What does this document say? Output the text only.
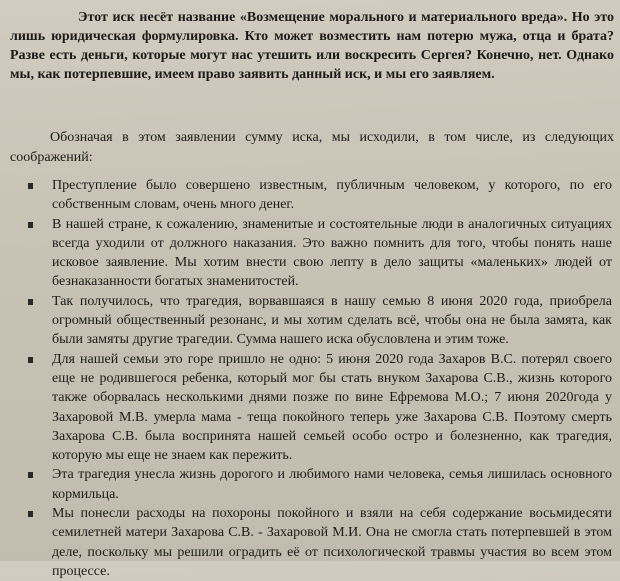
Этот иск несёт название «Возмещение морального и материального вреда». Но это лишь юридическая формулировка. Кто может возместить нам потерю мужа, отца и брата? Разве есть деньги, которые могут нас утешить или воскресить Сергея? Конечно, нет. Однако мы, как потерпевшие, имеем право заявить данный иск, и мы его заявляем.

Обозначая в этом заявлении сумму иска, мы исходили, в том числе, из следующих соображений:

Преступление было совершено известным, публичным человеком, у которого, по его собственным словам, очень много денег.
В нашей стране, к сожалению, знаменитые и состоятельные люди в аналогичных ситуациях всегда уходили от должного наказания. Это важно помнить для того, чтобы понять наше исковое заявление. Мы хотим внести свою лепту в дело защиты «маленьких» людей от безнаказанности богатых знаменитостей.
Так получилось, что трагедия, ворвавшаяся в нашу семью 8 июня 2020 года, приобрела огромный общественный резонанс, и мы хотим сделать всё, чтобы она не была замята, как были замяты другие трагедии. Сумма нашего иска обусловлена и этим тоже.
Для нашей семьи это горе пришло не одно: 5 июня 2020 года Захаров В.С. потерял своего еще не родившегося ребенка, который мог бы стать внуком Захарова С.В., жизнь которого также оборвалась несколькими днями позже по вине Ефремова М.О.; 7 июня 2020года у Захаровой М.В. умерла мама - теща покойного теперь уже Захарова С.В. Поэтому смерть Захарова С.В. была воспринята нашей семьей особо остро и болезненно, как трагедия, которую мы еще не знаем как пережить.
Эта трагедия унесла жизнь дорогого и любимого нами человека, семья лишилась основного кормильца.
Мы понесли расходы на похороны покойного и взяли на себя содержание восьмидесяти семилетней матери Захарова С.В. - Захаровой М.И. Она не смогла стать потерпевшей в этом деле, поскольку мы решили оградить её от психологической травмы участия во всем этом процессе.
